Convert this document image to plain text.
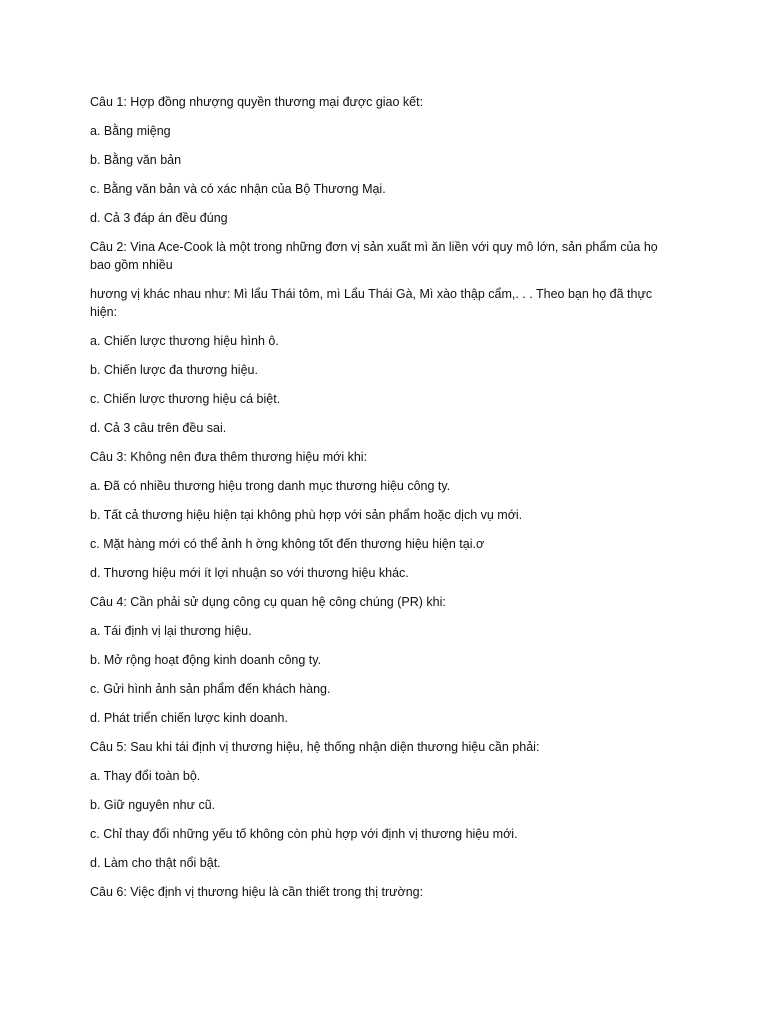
Câu 1: Hợp đồng nhượng quyền thương mại được giao kết:

a. Bằng miệng

b. Bằng văn bản

c. Bằng văn bản và có xác nhận của Bộ Thương Mại.

d. Cả 3 đáp án đều đúng

Câu 2: Vina Ace-Cook là một trong những đơn vị sản xuất mì ăn liền với quy mô lớn, sản phẩm của họ bao gồm nhiều

hương vị khác nhau như: Mì lẩu Thái tôm, mì Lẩu Thái Gà, Mì xào thập cẩm,. . . Theo bạn họ đã thực hiện:

a. Chiến lược thương hiệu hình ô.

b. Chiến lược đa thương hiệu.

c. Chiến lược thương hiệu cá biệt.

d. Cả 3 câu trên đều sai.

Câu 3: Không nên đưa thêm thương hiệu mới khi:

a. Đã có nhiều thương hiệu trong danh mục thương hiệu công ty.

b. Tất cả thương hiệu hiện tại không phù hợp với sản phẩm hoặc dịch vụ mới.

c. Mặt hàng mới có thể ảnh h ờng không tốt đến thương hiệu hiện tại.ơ

d. Thương hiệu mới ít lợi nhuận so với thương hiệu khác.

Câu 4: Cần phải sử dụng công cụ quan hệ công chúng (PR) khi:

a. Tái định vị lại thương hiệu.

b. Mở rộng hoạt động kinh doanh công ty.

c. Gửi hình ảnh sản phẩm đến khách hàng.

d. Phát triển chiến lược kinh doanh.

Câu 5: Sau khi tái định vị thương hiệu, hệ thống nhận diện thương hiệu cần phải:

a. Thay đổi toàn bộ.

b. Giữ nguyên như cũ.

c. Chỉ thay đổi những yếu tố không còn phù hợp với định vị thương hiệu mới.

d. Làm cho thật nổi bật.

Câu 6: Việc định vị thương hiệu là cần thiết trong thị trường:
